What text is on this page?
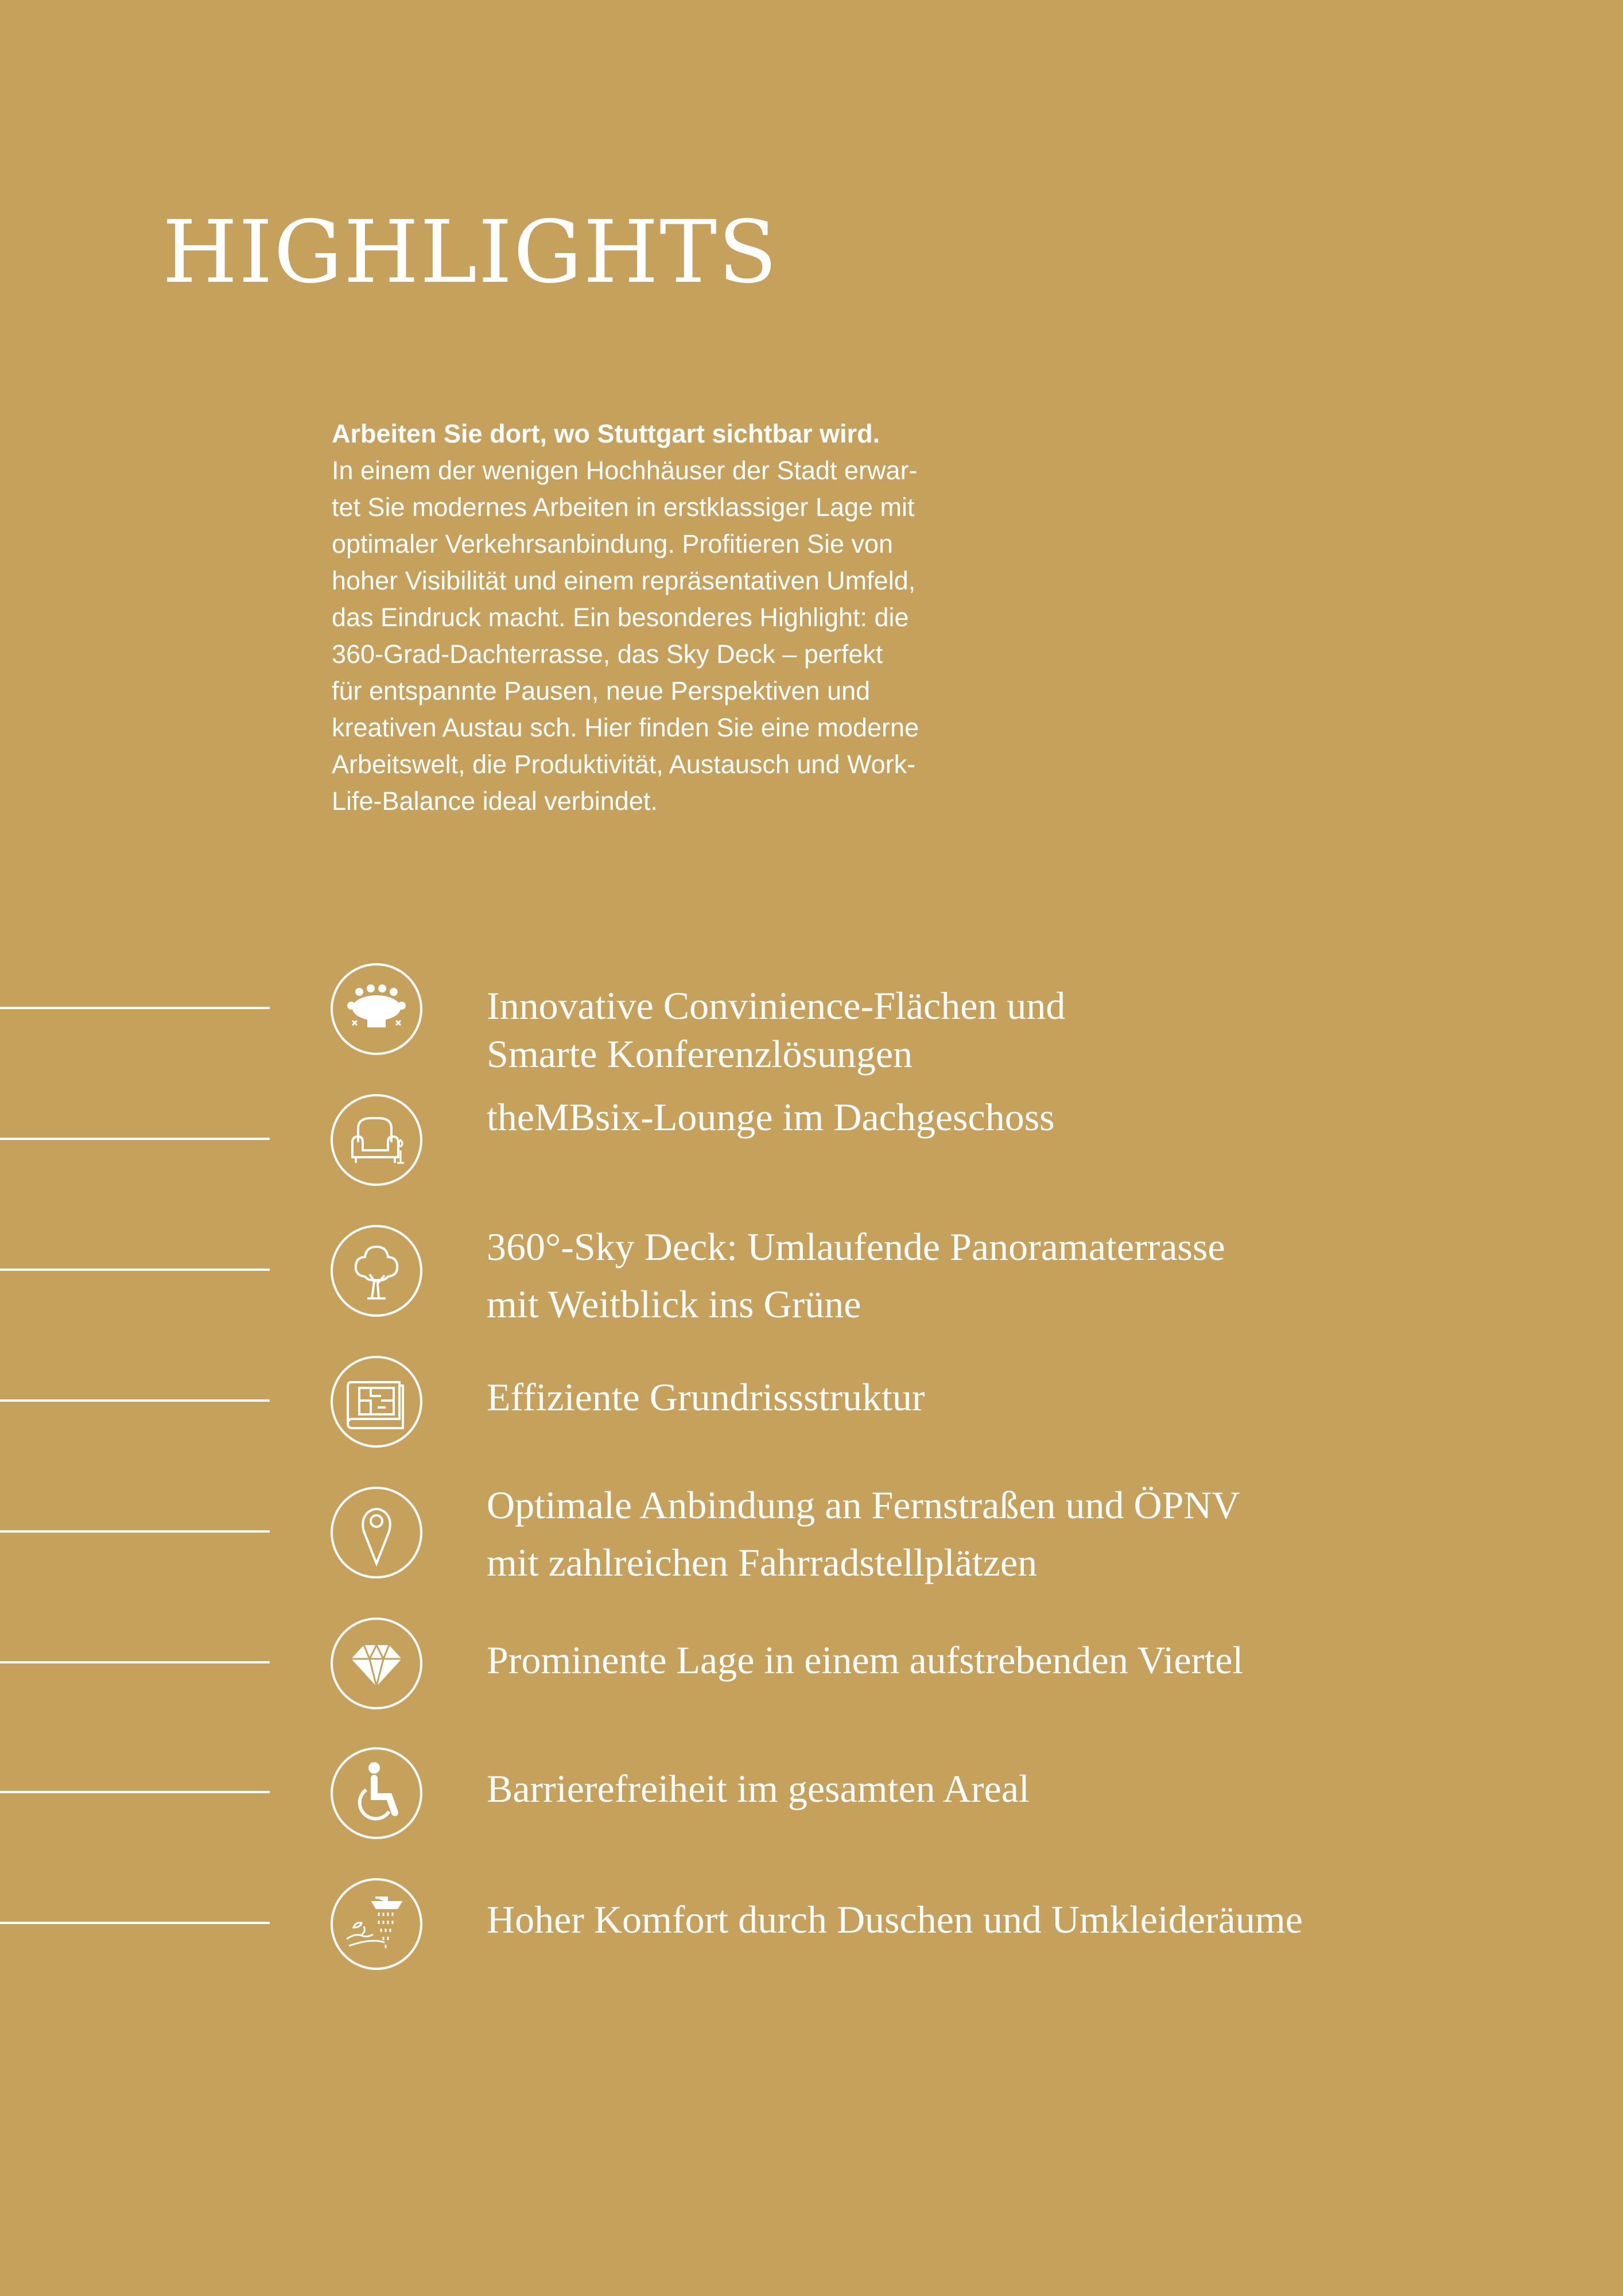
HIGHLIGHTS
Arbeiten Sie dort, wo Stuttgart sichtbar wird.
In einem der wenigen Hochhäuser der Stadt erwar-
tet Sie modernes Arbeiten in erstklassiger Lage mit
optimaler Verkehrsanbindung. Profitieren Sie von
hoher Visibilität und einem repräsentativen Umfeld,
das Eindruck macht. Ein besonderes Highlight: die
360-Grad-Dachterrasse, das Sky Deck – perfekt
für entspannte Pausen, neue Perspektiven und
kreativen Austau sch. Hier finden Sie eine moderne
Arbeitswelt, die Produktivität, Austausch und Work-
Life-Balance ideal verbindet.
Innovative Convinience-Flächen und
Smarte Konferenzlösungen
theMBsix-Lounge im Dachgeschoss
360°-Sky Deck: Umlaufende Panoramaterrasse
mit Weitblick ins Grüne
Effiziente Grundrissstruktur
Optimale Anbindung an Fernstraßen und ÖPNV
mit zahlreichen Fahrradstellplätzen
Prominente Lage in einem aufstrebenden Viertel
Barrierefreiheit im gesamten Areal
Hoher Komfort durch Duschen und Umkleideräume
